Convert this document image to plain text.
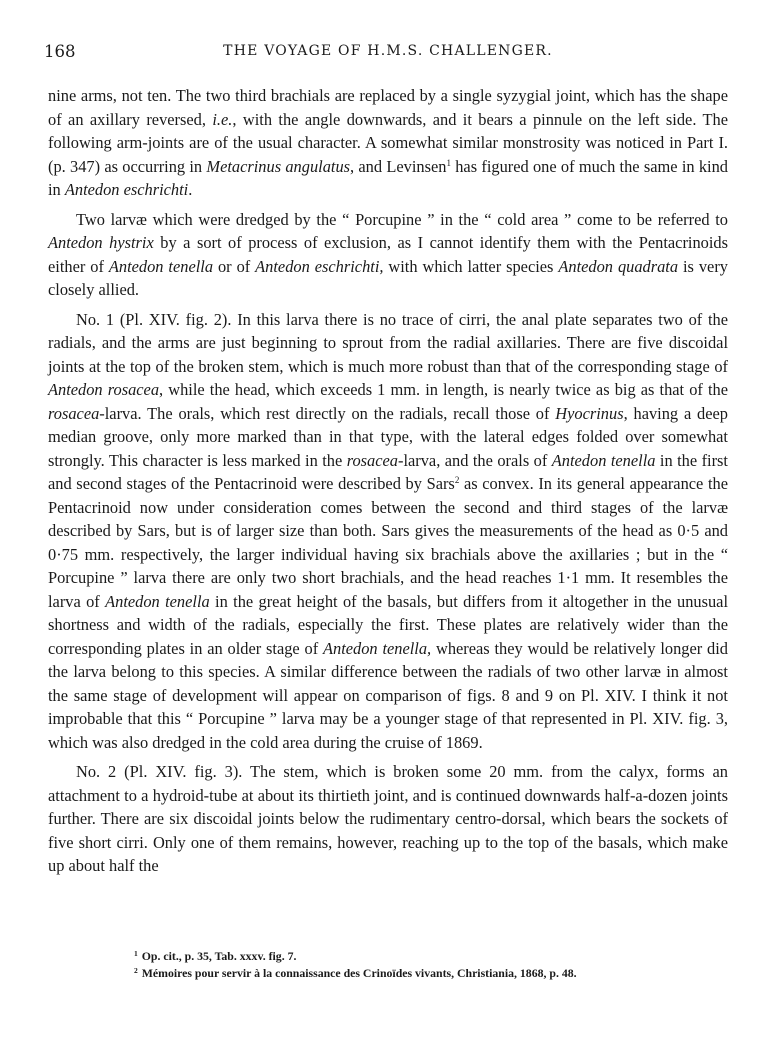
168	THE VOYAGE OF H.M.S. CHALLENGER.

nine arms, not ten. The two third brachials are replaced by a single syzygial joint, which has the shape of an axillary reversed, i.e., with the angle downwards, and it bears a pinnule on the left side. The following arm-joints are of the usual character. A somewhat similar monstrosity was noticed in Part I. (p. 347) as occurring in Metacrinus angulatus, and Levinsen$^1$ has figured one of much the same in kind in Antedon eschrichti.

Two larvæ which were dredged by the “ Porcupine ” in the “ cold area ” come to be referred to Antedon hystrix by a sort of process of exclusion, as I cannot identify them with the Pentacrinoids either of Antedon tenella or of Antedon eschrichti, with which latter species Antedon quadrata is very closely allied.

No. 1 (Pl. XIV. fig. 2). In this larva there is no trace of cirri, the anal plate separates two of the radials, and the arms are just beginning to sprout from the radial axillaries. There are five discoidal joints at the top of the broken stem, which is much more robust than that of the corresponding stage of Antedon rosacea, while the head, which exceeds 1 mm. in length, is nearly twice as big as that of the rosacea-larva. The orals, which rest directly on the radials, recall those of Hyocrinus, having a deep median groove, only more marked than in that type, with the lateral edges folded over somewhat strongly. This character is less marked in the rosacea-larva, and the orals of Antedon tenella in the first and second stages of the Pentacrinoid were described by Sars$^2$ as convex. In its general appearance the Pentacrinoid now under consideration comes between the second and third stages of the larvæ described by Sars, but is of larger size than both. Sars gives the measurements of the head as 0·5 and 0·75 mm. respectively, the larger individual having six brachials above the axillaries ; but in the “ Porcupine ” larva there are only two short brachials, and the head reaches 1·1 mm. It resembles the larva of Antedon tenella in the great height of the basals, but differs from it altogether in the unusual shortness and width of the radials, especially the first. These plates are relatively wider than the corresponding plates in an older stage of Antedon tenella, whereas they would be relatively longer did the larva belong to this species. A similar difference between the radials of two other larvæ in almost the same stage of development will appear on comparison of figs. 8 and 9 on Pl. XIV. I think it not improbable that this “ Porcupine ” larva may be a younger stage of that represented in Pl. XIV. fig. 3, which was also dredged in the cold area during the cruise of 1869.

No. 2 (Pl. XIV. fig. 3). The stem, which is broken some 20 mm. from the calyx, forms an attachment to a hydroid-tube at about its thirtieth joint, and is continued downwards half-a-dozen joints further. There are six discoidal joints below the rudimentary centro-dorsal, which bears the sockets of five short cirri. Only one of them remains, however, reaching up to the top of the basals, which make up about half the

$^1$ Op. cit., p. 35, Tab. xxxv. fig. 7.

$^2$ Mémoires pour servir à la connaissance des Crinoïdes vivants, Christiania, 1868, p. 48.
